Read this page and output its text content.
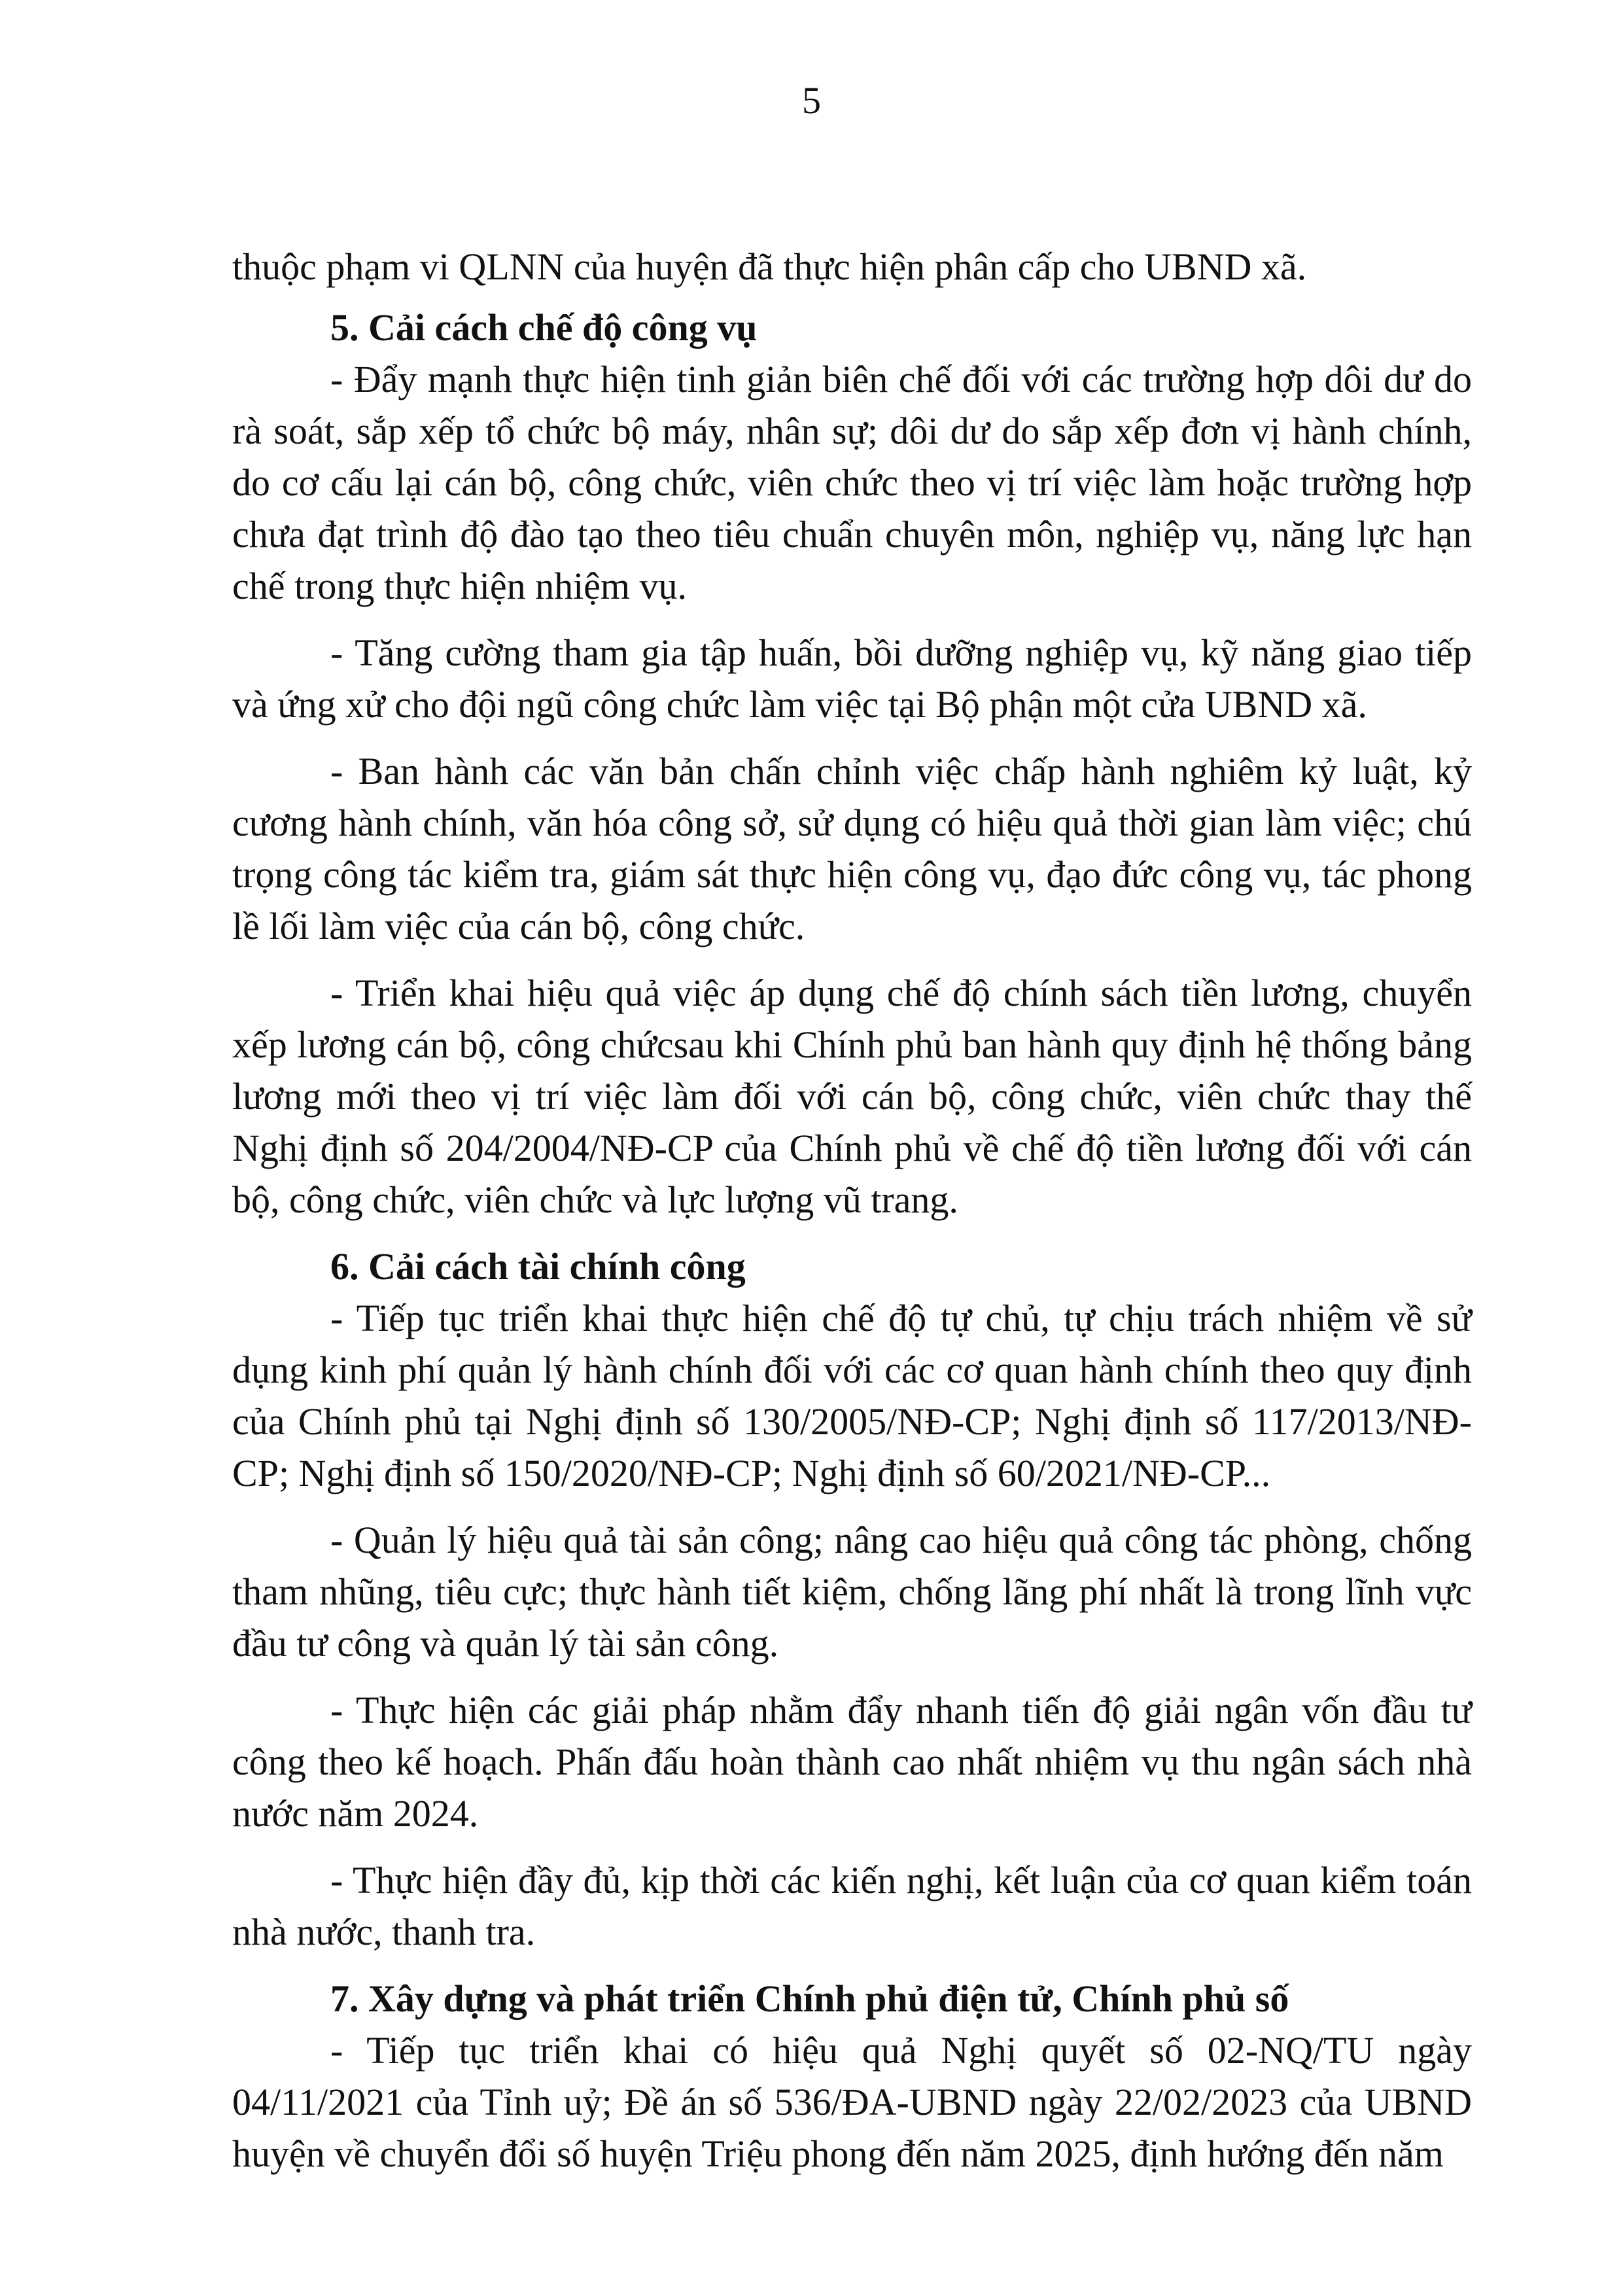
5

thuộc phạm vi QLNN của huyện đã thực hiện phân cấp cho UBND xã.

5. Cải cách chế độ công vụ

- Đẩy mạnh thực hiện tinh giản biên chế đối với các trường hợp dôi dư do rà soát, sắp xếp tổ chức bộ máy, nhân sự; dôi dư do sắp xếp đơn vị hành chính, do cơ cấu lại cán bộ, công chức, viên chức theo vị trí việc làm hoặc trường hợp chưa đạt trình độ đào tạo theo tiêu chuẩn chuyên môn, nghiệp vụ, năng lực hạn chế trong thực hiện nhiệm vụ.

- Tăng cường tham gia tập huấn, bồi dưỡng nghiệp vụ, kỹ năng giao tiếp và ứng xử cho đội ngũ công chức làm việc tại Bộ phận một cửa UBND xã.

- Ban hành các văn bản chấn chỉnh việc chấp hành nghiêm kỷ luật, kỷ cương hành chính, văn hóa công sở, sử dụng có hiệu quả thời gian làm việc; chú trọng công tác kiểm tra, giám sát thực hiện công vụ, đạo đức công vụ, tác phong lề lối làm việc của cán bộ, công chức.

- Triển khai hiệu quả việc áp dụng chế độ chính sách tiền lương, chuyển xếp lương cán bộ, công chứcsau khi Chính phủ ban hành quy định hệ thống bảng lương mới theo vị trí việc làm đối với cán bộ, công chức, viên chức thay thế Nghị định số 204/2004/NĐ-CP của Chính phủ về chế độ tiền lương đối với cán bộ, công chức, viên chức và lực lượng vũ trang.

6. Cải cách tài chính công

- Tiếp tục triển khai thực hiện chế độ tự chủ, tự chịu trách nhiệm về sử dụng kinh phí quản lý hành chính đối với các cơ quan hành chính theo quy định của Chính phủ tại Nghị định số 130/2005/NĐ-CP; Nghị định số 117/2013/NĐ-CP; Nghị định số 150/2020/NĐ-CP; Nghị định số 60/2021/NĐ-CP...

- Quản lý hiệu quả tài sản công; nâng cao hiệu quả công tác phòng, chống tham nhũng, tiêu cực; thực hành tiết kiệm, chống lãng phí nhất là trong lĩnh vực đầu tư công và quản lý tài sản công.

- Thực hiện các giải pháp nhằm đẩy nhanh tiến độ giải ngân vốn đầu tư công theo kế hoạch. Phấn đấu hoàn thành cao nhất nhiệm vụ thu ngân sách nhà nước năm 2024.

- Thực hiện đầy đủ, kịp thời các kiến nghị, kết luận của cơ quan kiểm toán nhà nước, thanh tra.

7. Xây dựng và phát triển Chính phủ điện tử, Chính phủ số

- Tiếp tục triển khai có hiệu quả Nghị quyết số 02-NQ/TU ngày 04/11/2021 của Tỉnh uỷ; Đề án số 536/ĐA-UBND ngày 22/02/2023 của UBND huyện về chuyển đổi số huyện Triệu phong đến năm 2025, định hướng đến năm
